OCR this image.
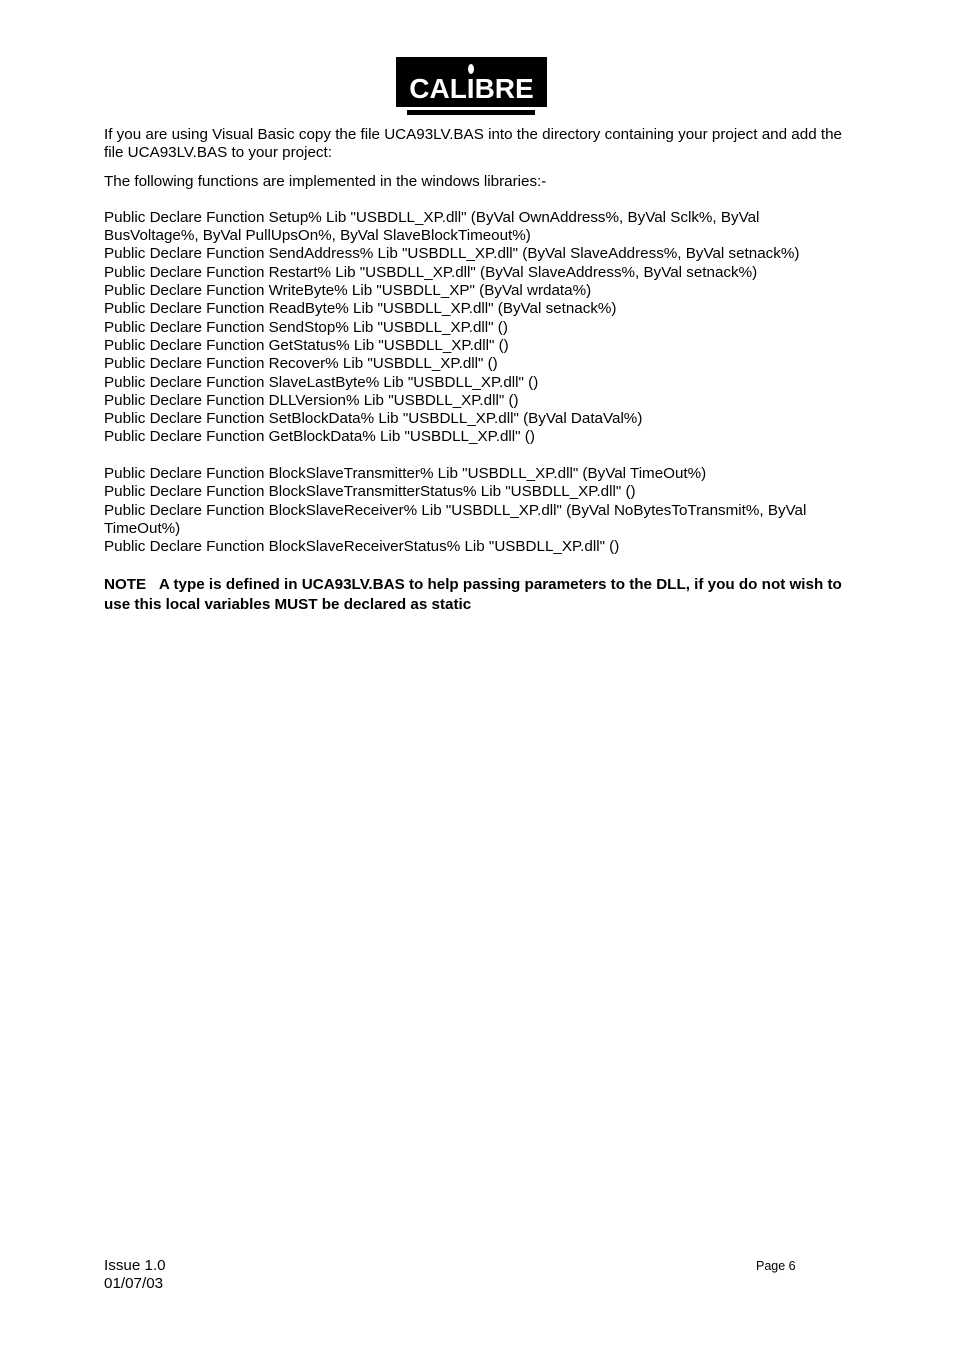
CALIBRE

If you are using Visual Basic copy the file UCA93LV.BAS into the directory containing your project and add the file UCA93LV.BAS to your project:

The following functions are implemented in the windows libraries:-

Public Declare Function Setup% Lib "USBDLL_XP.dll" (ByVal OwnAddress%, ByVal Sclk%, ByVal BusVoltage%, ByVal PullUpsOn%, ByVal SlaveBlockTimeout%)
Public Declare Function SendAddress% Lib "USBDLL_XP.dll" (ByVal SlaveAddress%, ByVal setnack%)
Public Declare Function Restart% Lib "USBDLL_XP.dll" (ByVal SlaveAddress%, ByVal setnack%)
Public Declare Function WriteByte% Lib "USBDLL_XP" (ByVal wrdata%)
Public Declare Function ReadByte% Lib "USBDLL_XP.dll" (ByVal setnack%)
Public Declare Function SendStop% Lib "USBDLL_XP.dll" ()
Public Declare Function GetStatus% Lib "USBDLL_XP.dll" ()
Public Declare Function Recover% Lib "USBDLL_XP.dll" ()
Public Declare Function SlaveLastByte% Lib "USBDLL_XP.dll" ()
Public Declare Function DLLVersion% Lib "USBDLL_XP.dll" ()
Public Declare Function SetBlockData% Lib "USBDLL_XP.dll" (ByVal DataVal%)
Public Declare Function GetBlockData% Lib "USBDLL_XP.dll" ()
Public Declare Function BlockSlaveTransmitter% Lib "USBDLL_XP.dll" (ByVal TimeOut%)
Public Declare Function BlockSlaveTransmitterStatus% Lib "USBDLL_XP.dll" ()
Public Declare Function BlockSlaveReceiver% Lib "USBDLL_XP.dll" (ByVal NoBytesToTransmit%, ByVal TimeOut%)
Public Declare Function BlockSlaveReceiverStatus% Lib "USBDLL_XP.dll" ()
NOTE A type is defined in UCA93LV.BAS to help passing parameters to the DLL, if you do not wish to use this local variables MUST be declared as static
Issue 1.0
01/07/03
Page 6
